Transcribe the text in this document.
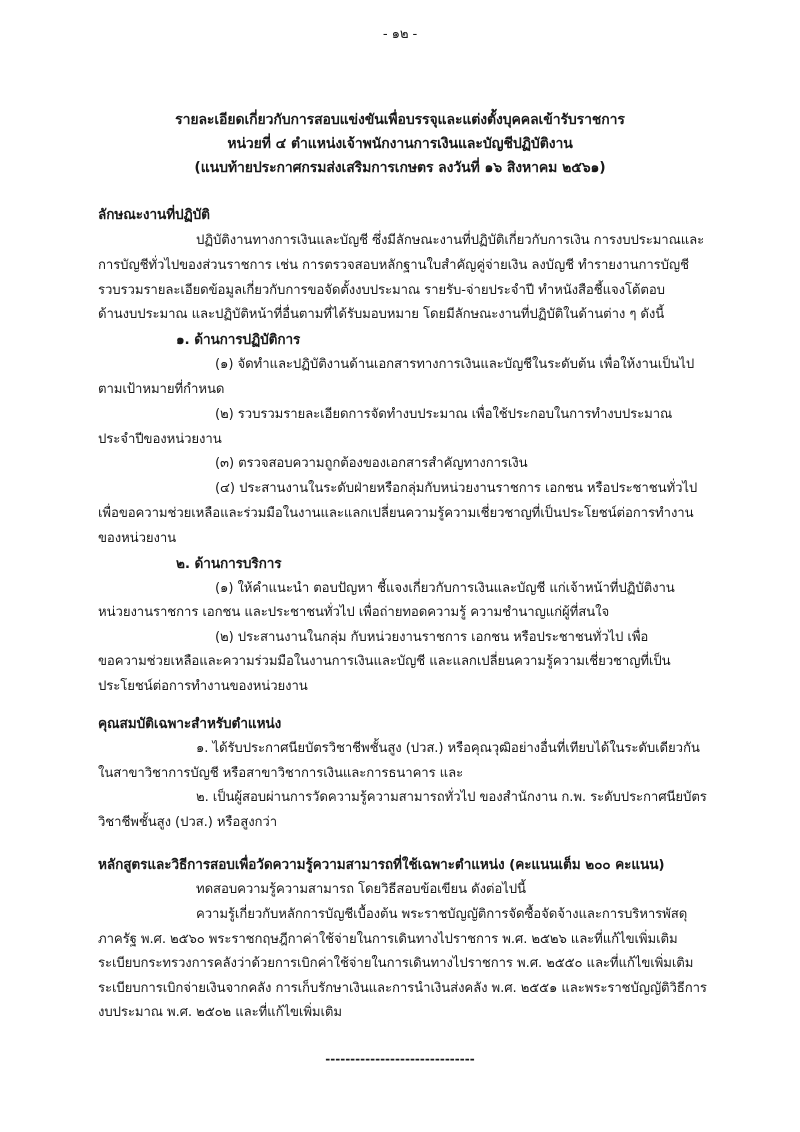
- ๑๒ -
รายละเอียดเกี่ยวกับการสอบแข่งขันเพื่อบรรจุและแต่งตั้งบุคคลเข้ารับราชการ
หน่วยที่ ๔ ตำแหน่งเจ้าพนักงานการเงินและบัญชีปฏิบัติงาน
(แนบท้ายประกาศกรมส่งเสริมการเกษตร ลงวันที่ ๑๖ สิงหาคม ๒๕๖๑)
ลักษณะงานที่ปฏิบัติ
ปฏิบัติงานทางการเงินและบัญชี ซึ่งมีลักษณะงานที่ปฏิบัติเกี่ยวกับการเงิน การงบประมาณและ
การบัญชีทั่วไปของส่วนราชการ เช่น การตรวจสอบหลักฐานใบสำคัญคู่จ่ายเงิน ลงบัญชี ทำรายงานการบัญชี
รวบรวมรายละเอียดข้อมูลเกี่ยวกับการขอจัดตั้งงบประมาณ รายรับ-จ่ายประจำปี ทำหนังสือชี้แจงโต้ตอบ
ด้านงบประมาณ และปฏิบัติหน้าที่อื่นตามที่ได้รับมอบหมาย โดยมีลักษณะงานที่ปฏิบัติในด้านต่าง ๆ ดังนี้
๑. ด้านการปฏิบัติการ
(๑) จัดทำและปฏิบัติงานด้านเอกสารทางการเงินและบัญชีในระดับต้น เพื่อให้งานเป็นไป
ตามเป้าหมายที่กำหนด
(๒) รวบรวมรายละเอียดการจัดทำงบประมาณ เพื่อใช้ประกอบในการทำงบประมาณ
ประจำปีของหน่วยงาน
(๓) ตรวจสอบความถูกต้องของเอกสารสำคัญทางการเงิน
(๔) ประสานงานในระดับฝ่ายหรือกลุ่มกับหน่วยงานราชการ เอกชน หรือประชาชนทั่วไป
เพื่อขอความช่วยเหลือและร่วมมือในงานและแลกเปลี่ยนความรู้ความเชี่ยวชาญที่เป็นประโยชน์ต่อการทำงาน
ของหน่วยงาน
๒. ด้านการบริการ
(๑) ให้คำแนะนำ ตอบปัญหา ชี้แจงเกี่ยวกับการเงินและบัญชี แก่เจ้าหน้าที่ปฏิบัติงาน
หน่วยงานราชการ เอกชน และประชาชนทั่วไป เพื่อถ่ายทอดความรู้ ความชำนาญแก่ผู้ที่สนใจ
(๒) ประสานงานในกลุ่ม กับหน่วยงานราชการ เอกชน หรือประชาชนทั่วไป เพื่อ
ขอความช่วยเหลือและความร่วมมือในงานการเงินและบัญชี และแลกเปลี่ยนความรู้ความเชี่ยวชาญที่เป็น
ประโยชน์ต่อการทำงานของหน่วยงาน
คุณสมบัติเฉพาะสำหรับตำแหน่ง
๑. ได้รับประกาศนียบัตรวิชาชีพชั้นสูง (ปวส.) หรือคุณวุฒิอย่างอื่นที่เทียบได้ในระดับเดียวกัน
ในสาขาวิชาการบัญชี หรือสาขาวิชาการเงินและการธนาคาร และ
๒. เป็นผู้สอบผ่านการวัดความรู้ความสามารถทั่วไป ของสำนักงาน ก.พ. ระดับประกาศนียบัตร
วิชาชีพชั้นสูง (ปวส.) หรือสูงกว่า
หลักสูตรและวิธีการสอบเพื่อวัดความรู้ความสามารถที่ใช้เฉพาะตำแหน่ง (คะแนนเต็ม ๒๐๐ คะแนน)
ทดสอบความรู้ความสามารถ โดยวิธีสอบข้อเขียน ดังต่อไปนี้
ความรู้เกี่ยวกับหลักการบัญชีเบื้องต้น พระราชบัญญัติการจัดซื้อจัดจ้างและการบริหารพัสดุ
ภาครัฐ พ.ศ. ๒๕๖๐ พระราชกฤษฎีกาค่าใช้จ่ายในการเดินทางไปราชการ พ.ศ. ๒๕๒๖ และที่แก้ไขเพิ่มเติม
ระเบียบกระทรวงการคลังว่าด้วยการเบิกค่าใช้จ่ายในการเดินทางไปราชการ พ.ศ. ๒๕๕๐ และที่แก้ไขเพิ่มเติม
ระเบียบการเบิกจ่ายเงินจากคลัง การเก็บรักษาเงินและการนำเงินส่งคลัง พ.ศ. ๒๕๕๑ และพระราชบัญญัติวิธีการ
งบประมาณ พ.ศ. ๒๕๐๒ และที่แก้ไขเพิ่มเติม
------------------------------
